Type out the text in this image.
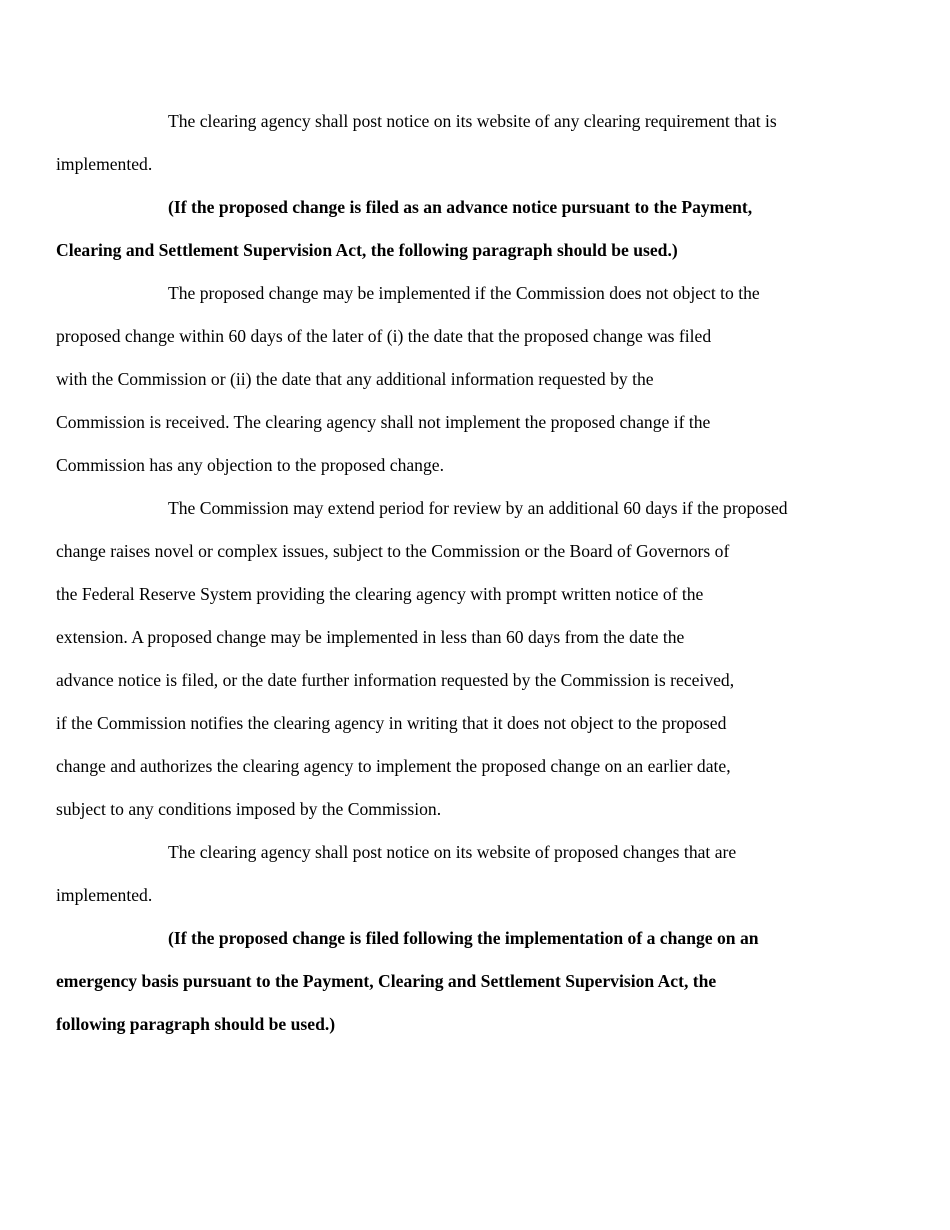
The clearing agency shall post notice on its website of any clearing requirement that is
implemented.

(If the proposed change is filed as an advance notice pursuant to the Payment,
Clearing and Settlement Supervision Act, the following paragraph should be used.)

The proposed change may be implemented if the Commission does not object to the
proposed change within 60 days of the later of (i) the date that the proposed change was filed
with the Commission or (ii) the date that any additional information requested by the
Commission is received. The clearing agency shall not implement the proposed change if the
Commission has any objection to the proposed change.

The Commission may extend period for review by an additional 60 days if the proposed
change raises novel or complex issues, subject to the Commission or the Board of Governors of
the Federal Reserve System providing the clearing agency with prompt written notice of the
extension. A proposed change may be implemented in less than 60 days from the date the
advance notice is filed, or the date further information requested by the Commission is received,
if the Commission notifies the clearing agency in writing that it does not object to the proposed
change and authorizes the clearing agency to implement the proposed change on an earlier date,
subject to any conditions imposed by the Commission.

The clearing agency shall post notice on its website of proposed changes that are
implemented.

(If the proposed change is filed following the implementation of a change on an
emergency basis pursuant to the Payment, Clearing and Settlement Supervision Act, the
following paragraph should be used.)
